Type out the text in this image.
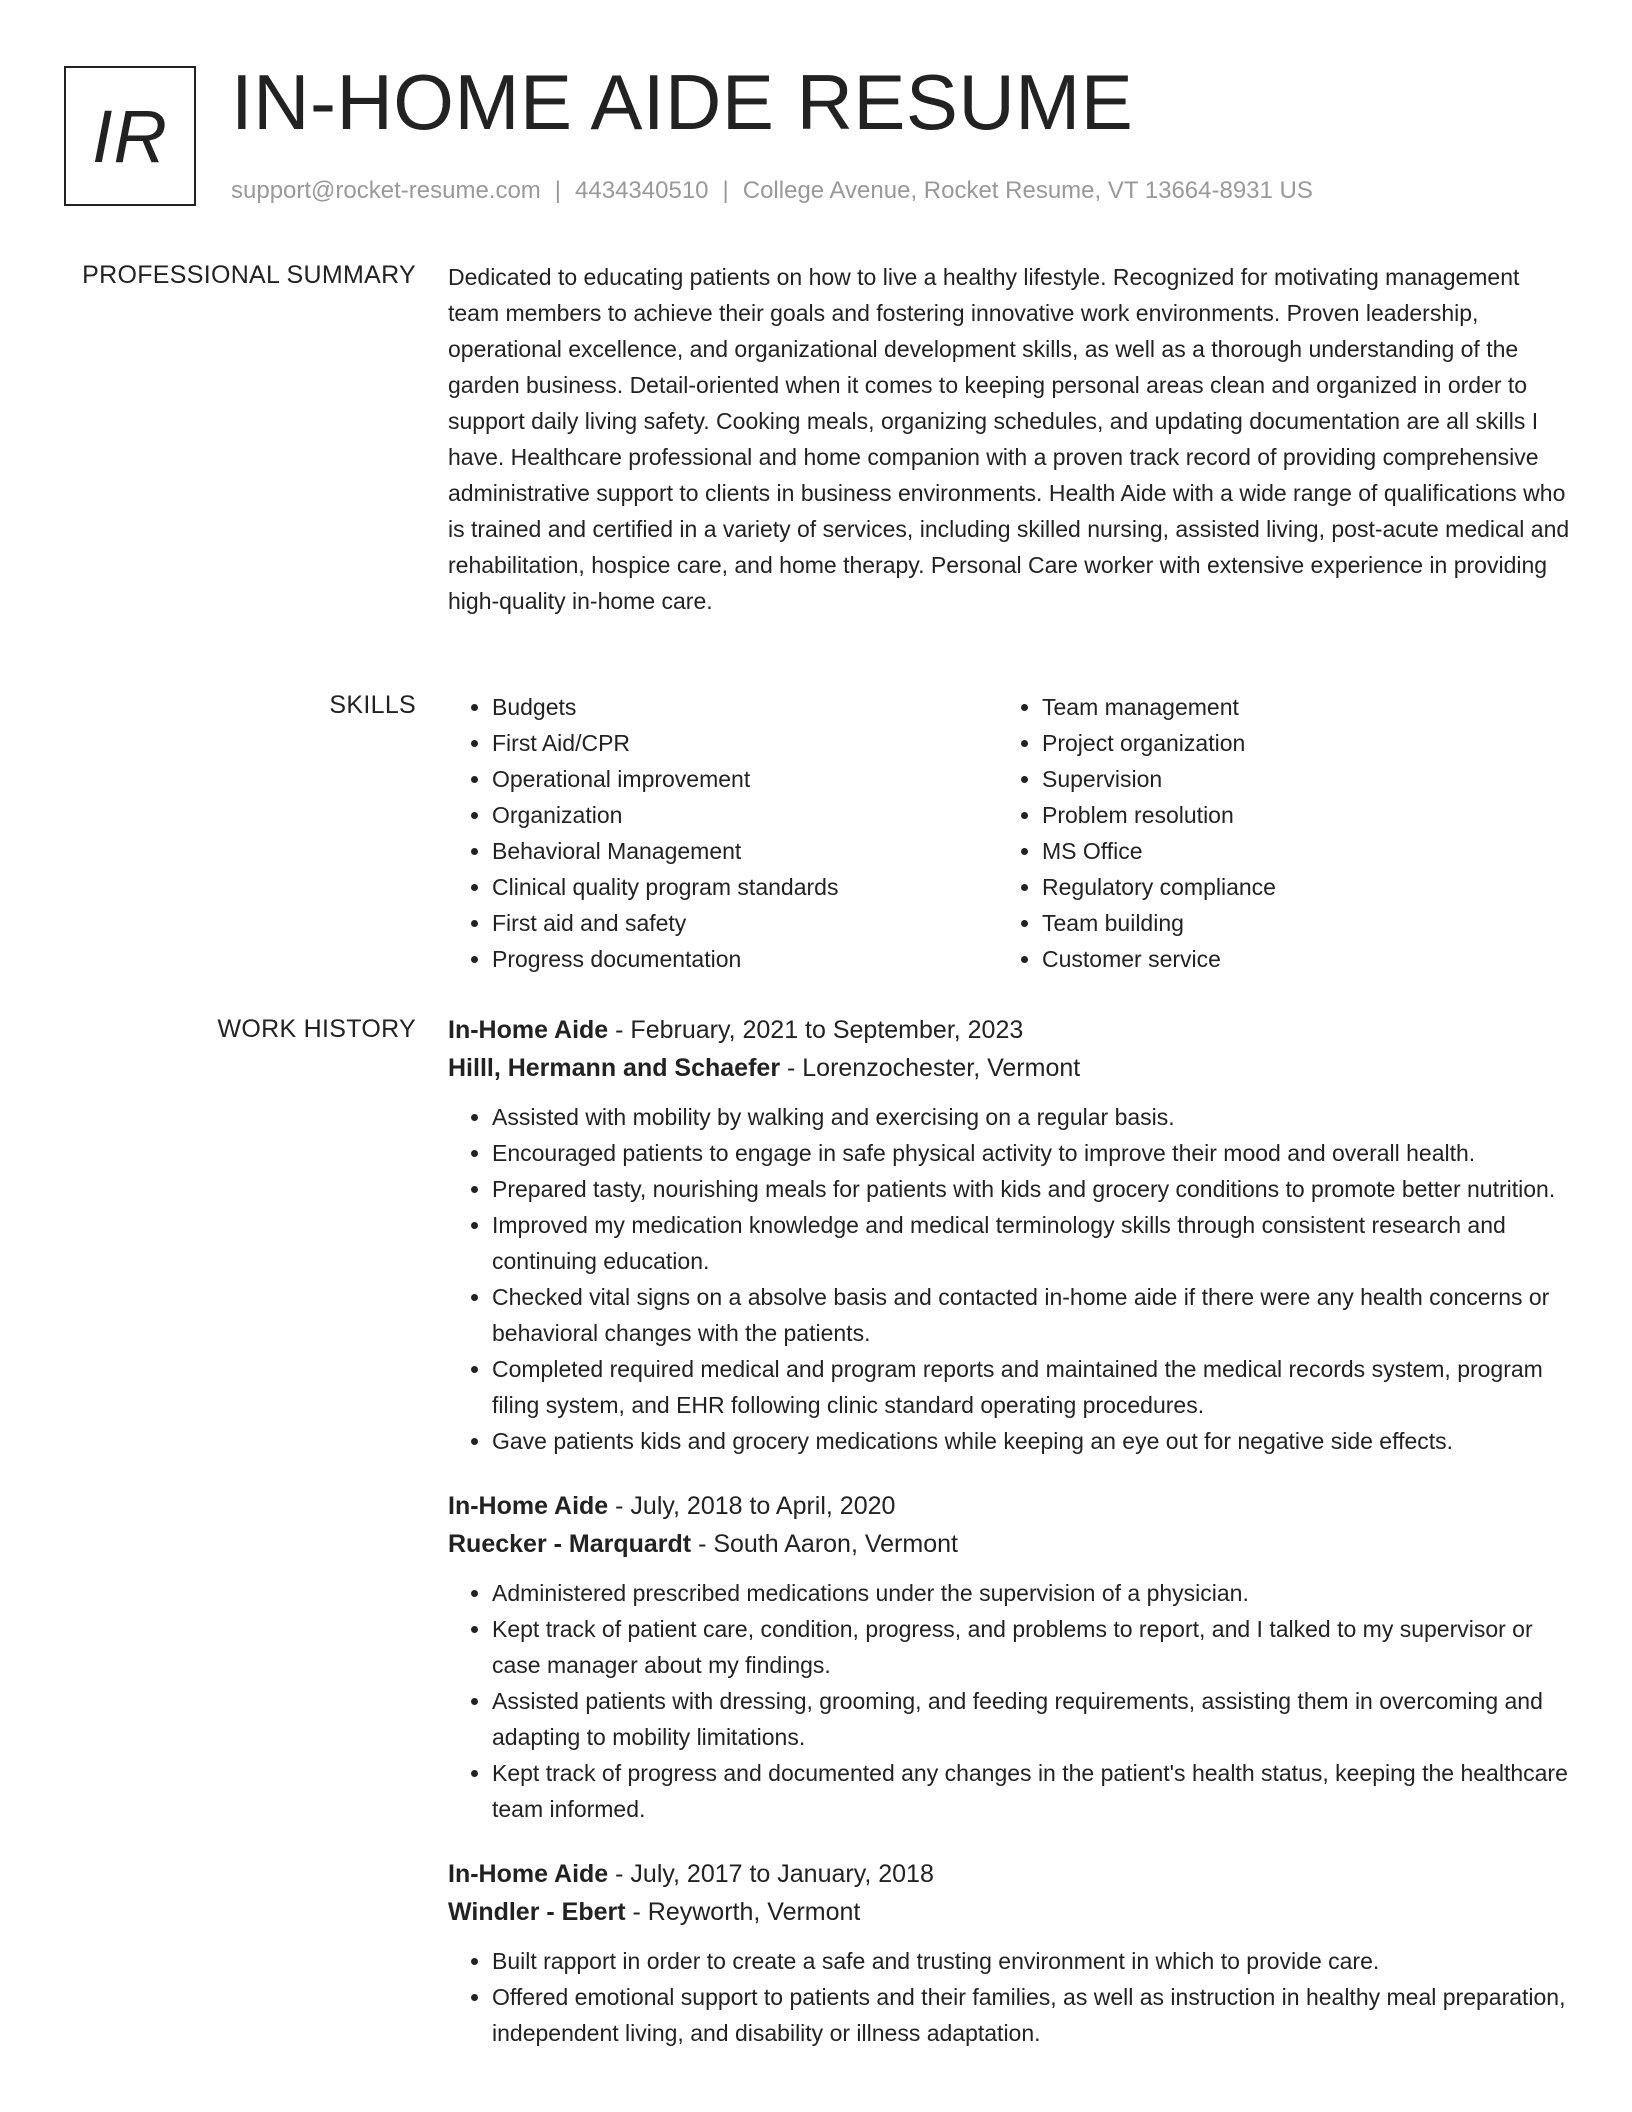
IR IN-HOME AIDE RESUME
support@rocket-resume.com | 4434340510 | College Avenue, Rocket Resume, VT 13664-8931 US
PROFESSIONAL SUMMARY Dedicated to educating patients on how to live a healthy lifestyle. Recognized for motivating management team members to achieve their goals and fostering innovative work environments. Proven leadership, operational excellence, and organizational development skills, as well as a thorough understanding of the garden business. Detail-oriented when it comes to keeping personal areas clean and organized in order to support daily living safety. Cooking meals, organizing schedules, and updating documentation are all skills I have. Healthcare professional and home companion with a proven track record of providing comprehensive administrative support to clients in business environments. Health Aide with a wide range of qualifications who is trained and certified in a variety of services, including skilled nursing, assisted living, post-acute medical and rehabilitation, hospice care, and home therapy. Personal Care worker with extensive experience in providing high-quality in-home care.

SKILLS
•	Budgets
• First Aid/CPR
• Operational improvement
• Organization
• Behavioral Management
• Clinical quality program standards
• First aid and safety
• Progress documentation
• Team management
• Project organization
• Supervision
• Problem resolution
• MS Office
• Regulatory compliance
• Team building
• Customer service
WORK HISTORY In-Home Aide - February, 2021 to September, 2023
Hilll, Hermann and Schaefer - Lorenzochester, Vermont
• Assisted with mobility by walking and exercising on a regular basis.
• Encouraged patients to engage in safe physical activity to improve their mood and overall health.
• Prepared tasty, nourishing meals for patients with kids and grocery conditions to promote better nutrition.
• Improved my medication knowledge and medical terminology skills through consistent research and continuing education.
• Checked vital signs on a absolve basis and contacted in-home aide if there were any health concerns or behavioral changes with the patients.
• Completed required medical and program reports and maintained the medical records system, program filing system, and EHR following clinic standard operating procedures.
• Gave patients kids and grocery medications while keeping an eye out for negative side effects.
In-Home Aide - July, 2018 to April, 2020
Ruecker - Marquardt - South Aaron, Vermont
• Administered prescribed medications under the supervision of a physician.
• Kept track of patient care, condition, progress, and problems to report, and I talked to my supervisor or case manager about my findings.
• Assisted patients with dressing, grooming, and feeding requirements, assisting them in overcoming and adapting to mobility limitations.
• Kept track of progress and documented any changes in the patient's health status, keeping the healthcare team informed.
In-Home Aide - July, 2017 to January, 2018
Windler - Ebert - Reyworth, Vermont
• Built rapport in order to create a safe and trusting environment in which to provide care.
• Offered emotional support to patients and their families, as well as instruction in healthy meal preparation, independent living, and disability or illness adaptation.
